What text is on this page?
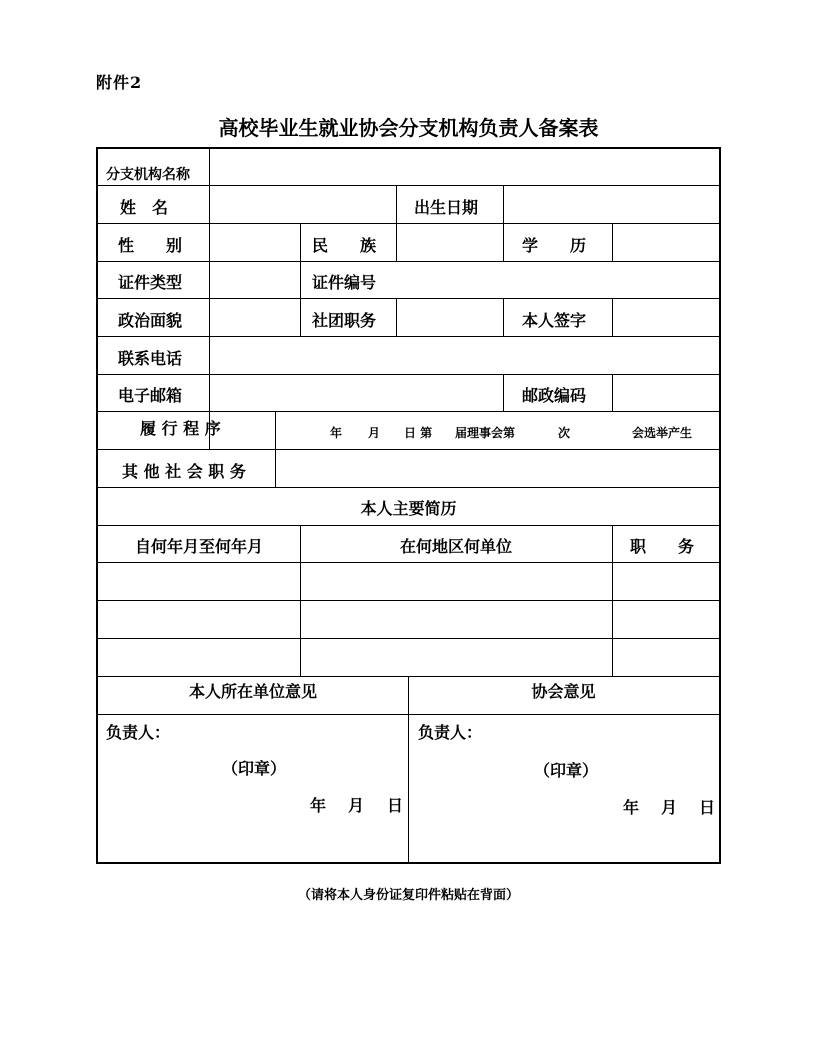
附件2
高校毕业生就业协会分支机构负责人备案表
分支机构名称
姓　名	出生日期
性　　别	民　　族	学　　历
证件类型	证件编号
政治面貌	社团职务	本人签字
联系电话
电子邮箱	邮政编码
履 行 程 序	年 月 日 第 届理事会第	次	会选举产生
其 他 社 会 职 务
本人主要简历
自何年月至何年月	在何地区何单位	职　　务
本人所在单位意见	协会意见
负责人：
（印章）
年 月 日
负责人：
（印章）
年 月 日
（请将本人身份证复印件粘贴在背面）
